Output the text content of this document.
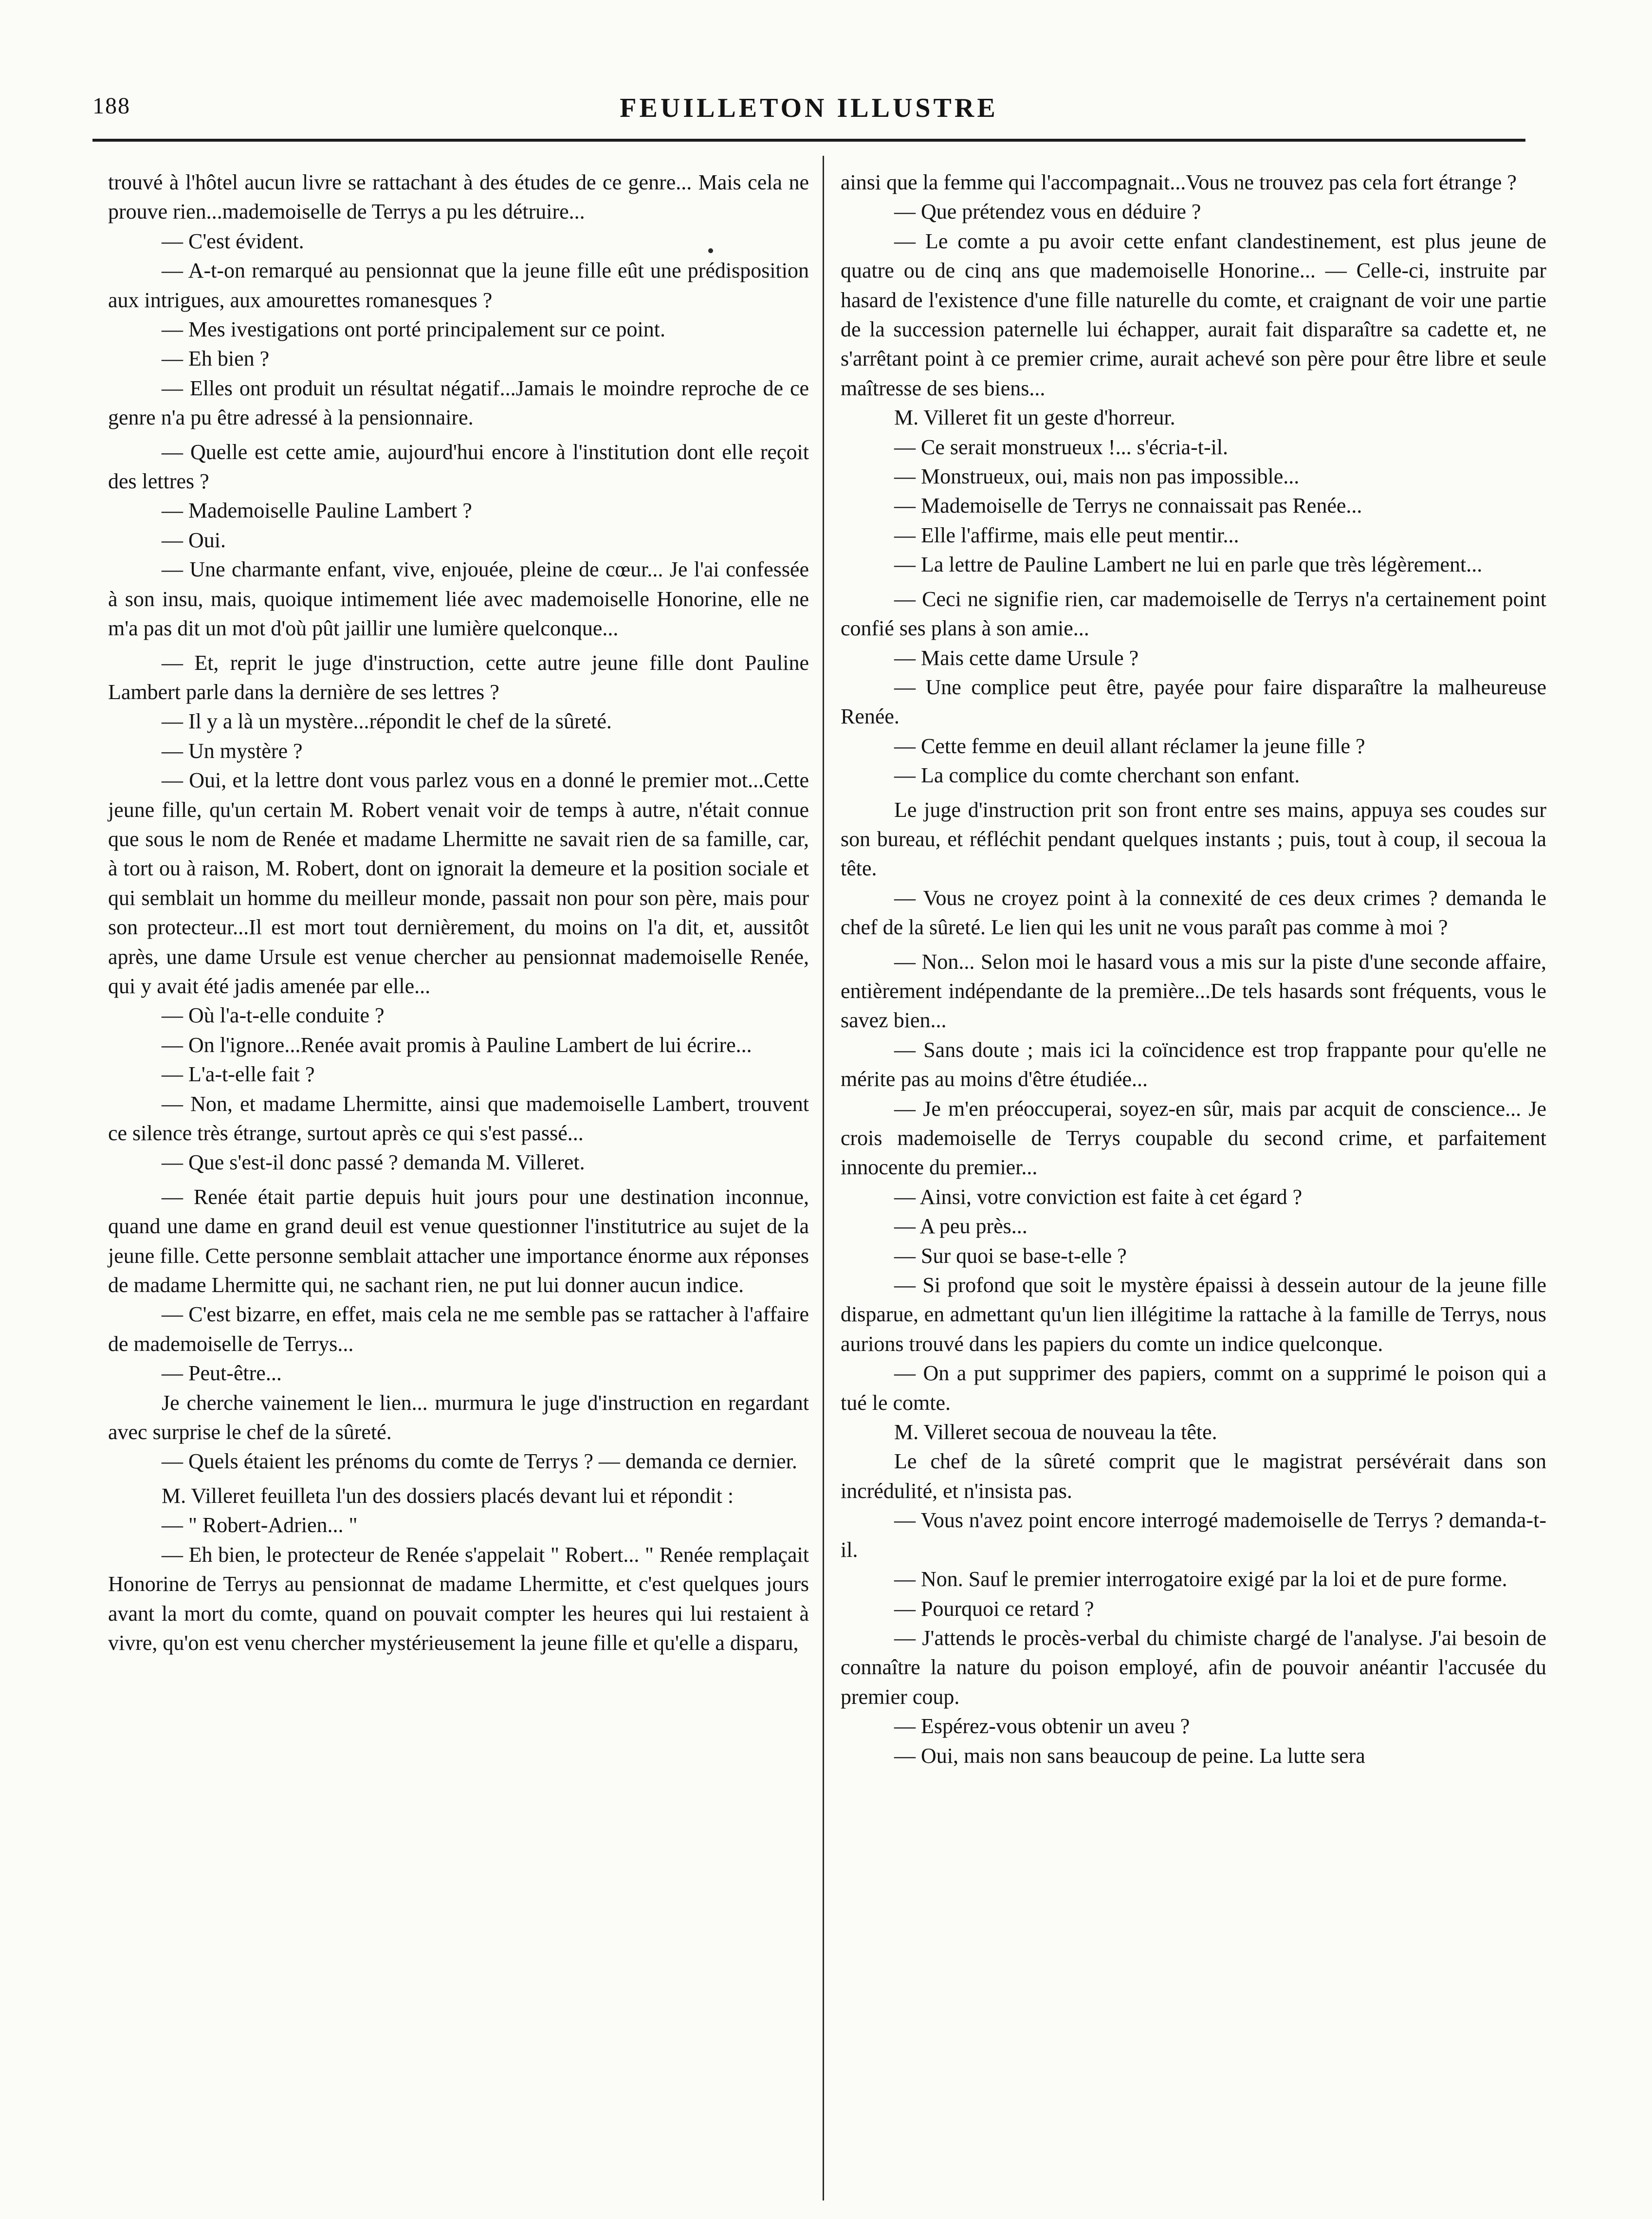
188	FEUILLETON ILLUSTRE

trouvé à l'hôtel aucun livre se rattachant à des études de ce genre... Mais cela ne prouve rien...mademoiselle de Terrys a pu les détruire...

— C'est évident.

— A-t-on remarqué au pensionnat que la jeune fille eût une prédisposition aux intrigues, aux amourettes romanesques ?

— Mes ivestigations ont porté principalement sur ce point.

— Eh bien ?

— Elles ont produit un résultat négatif...Jamais le moindre reproche de ce genre n'a pu être adressé à la pensionnaire.

— Quelle est cette amie, aujourd'hui encore à l'institution dont elle reçoit des lettres ?

— Mademoiselle Pauline Lambert ?

— Oui.

— Une charmante enfant, vive, enjouée, pleine de cœur... Je l'ai confessée à son insu, mais, quoique intimement liée avec mademoiselle Honorine, elle ne m'a pas dit un mot d'où pût jaillir une lumière quelconque...

— Et, reprit le juge d'instruction, cette autre jeune fille dont Pauline Lambert parle dans la dernière de ses lettres ?

— Il y a là un mystère...répondit le chef de la sûreté.

— Un mystère ?

— Oui, et la lettre dont vous parlez vous en a donné le premier mot...Cette jeune fille, qu'un certain M. Robert venait voir de temps à autre, n'était connue que sous le nom de Renée et madame Lhermitte ne savait rien de sa famille, car, à tort ou à raison, M. Robert, dont on ignorait la demeure et la position sociale et qui semblait un homme du meilleur monde, passait non pour son père, mais pour son protecteur...Il est mort tout dernièrement, du moins on l'a dit, et, aussitôt après, une dame Ursule est venue chercher au pensionnat mademoiselle Renée, qui y avait été jadis amenée par elle...

— Où l'a-t-elle conduite ?

— On l'ignore...Renée avait promis à Pauline Lambert de lui écrire...

— L'a-t-elle fait ?

— Non, et madame Lhermitte, ainsi que mademoiselle Lambert, trouvent ce silence très étrange, surtout après ce qui s'est passé...

— Que s'est-il donc passé ? demanda M. Villeret.

— Renée était partie depuis huit jours pour une destination inconnue, quand une dame en grand deuil est venue questionner l'institutrice au sujet de la jeune fille. Cette personne semblait attacher une importance énorme aux réponses de madame Lhermitte qui, ne sachant rien, ne put lui donner aucun indice.

— C'est bizarre, en effet, mais cela ne me semble pas se rattacher à l'affaire de mademoiselle de Terrys...

— Peut-être...

Je cherche vainement le lien... murmura le juge d'instruction en regardant avec surprise le chef de la sûreté.

— Quels étaient les prénoms du comte de Terrys ? — demanda ce dernier.

M. Villeret feuilleta l'un des dossiers placés devant lui et répondit :

— " Robert-Adrien... "

— Eh bien, le protecteur de Renée s'appelait " Robert... " Renée remplaçait Honorine de Terrys au pensionnat de madame Lhermitte, et c'est quelques jours avant la mort du comte, quand on pouvait compter les heures qui lui restaient à vivre, qu'on est venu chercher mystérieusement la jeune fille et qu'elle a disparu,

ainsi que la femme qui l'accompagnait...Vous ne trouvez pas cela fort étrange ?

— Que prétendez vous en déduire ?

— Le comte a pu avoir cette enfant clandestinement, est plus jeune de quatre ou de cinq ans que mademoiselle Honorine... — Celle-ci, instruite par hasard de l'existence d'une fille naturelle du comte, et craignant de voir une partie de la succession paternelle lui échapper, aurait fait disparaître sa cadette et, ne s'arrêtant point à ce premier crime, aurait achevé son père pour être libre et seule maîtresse de ses biens...

M. Villeret fit un geste d'horreur.

— Ce serait monstrueux !... s'écria-t-il.

— Monstrueux, oui, mais non pas impossible...

— Mademoiselle de Terrys ne connaissait pas Renée...

— Elle l'affirme, mais elle peut mentir...

— La lettre de Pauline Lambert ne lui en parle que très légèrement...

— Ceci ne signifie rien, car mademoiselle de Terrys n'a certainement point confié ses plans à son amie...

— Mais cette dame Ursule ?

— Une complice peut être, payée pour faire disparaître la malheureuse Renée.

— Cette femme en deuil allant réclamer la jeune fille ?

— La complice du comte cherchant son enfant.

Le juge d'instruction prit son front entre ses mains, appuya ses coudes sur son bureau, et réfléchit pendant quelques instants ; puis, tout à coup, il secoua la tête.

— Vous ne croyez point à la connexité de ces deux crimes ? demanda le chef de la sûreté. Le lien qui les unit ne vous paraît pas comme à moi ?

— Non... Selon moi le hasard vous a mis sur la piste d'une seconde affaire, entièrement indépendante de la première...De tels hasards sont fréquents, vous le savez bien...

— Sans doute ; mais ici la coïncidence est trop frappante pour qu'elle ne mérite pas au moins d'être étudiée...

— Je m'en préoccuperai, soyez-en sûr, mais par acquit de conscience... Je crois mademoiselle de Terrys coupable du second crime, et parfaitement innocente du premier...

— Ainsi, votre conviction est faite à cet égard ?

— A peu près...

— Sur quoi se base-t-elle ?

— Si profond que soit le mystère épaissi à dessein autour de la jeune fille disparue, en admettant qu'un lien illégitime la rattache à la famille de Terrys, nous aurions trouvé dans les papiers du comte un indice quelconque.

— On a put supprimer des papiers, commt on a supprimé le poison qui a tué le comte.

M. Villeret secoua de nouveau la tête.

Le chef de la sûreté comprit que le magistrat persévérait dans son incrédulité, et n'insista pas.

— Vous n'avez point encore interrogé mademoiselle de Terrys ? demanda-t-il.

— Non. Sauf le premier interrogatoire exigé par la loi et de pure forme.

— Pourquoi ce retard ?

— J'attends le procès-verbal du chimiste chargé de l'analyse. J'ai besoin de connaître la nature du poison employé, afin de pouvoir anéantir l'accusée du premier coup.

— Espérez-vous obtenir un aveu ?

— Oui, mais non sans beaucoup de peine. La lutte sera
